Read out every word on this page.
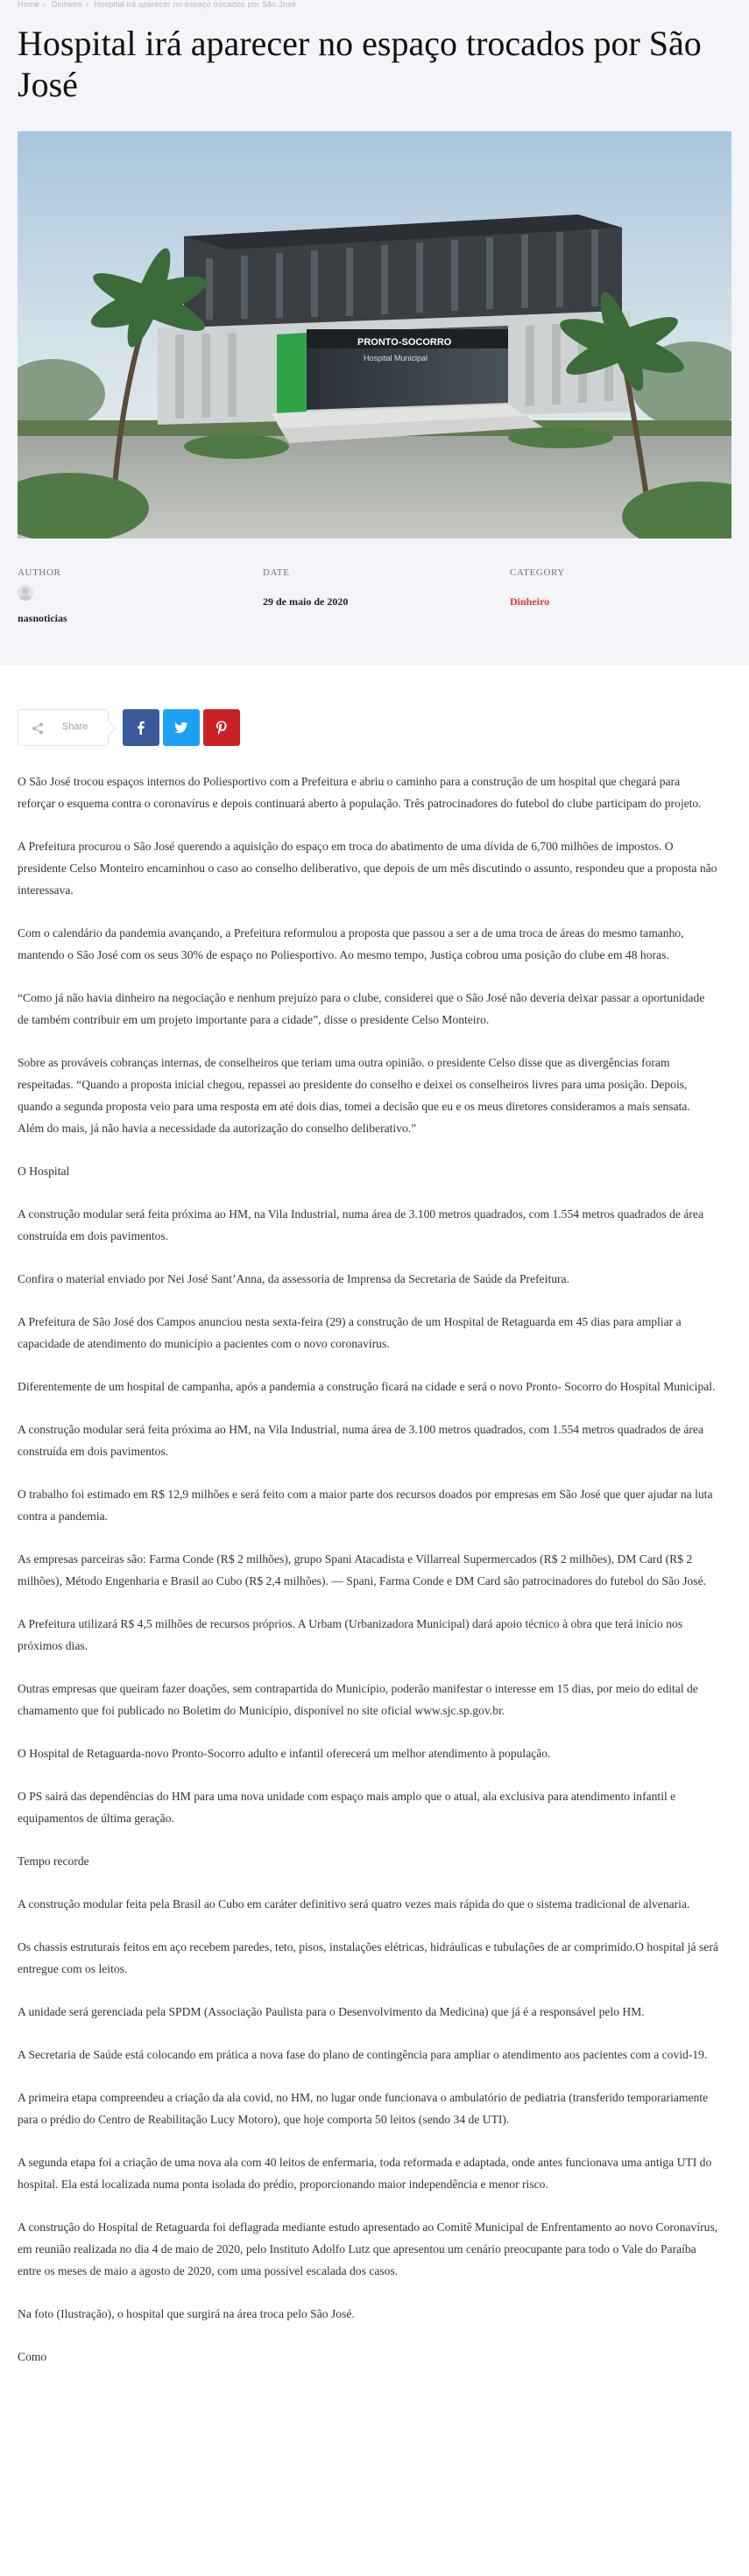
Home › Dinheiro › Hospital irá aparecer no espaço trocados por São José
Hospital irá aparecer no espaço trocados por São José
PRONTO-SOCORRO
Hospital Municipal
AUTHOR
nasnoticias
DATE
29 de maio de 2020
CATEGORY
Dinheiro
Share

O São José trocou espaços internos do Poliesportivo com a Prefeitura e abriu o caminho para a construção de um hospital que chegará para reforçar o esquema contra o coronavírus e depois continuará aberto à população. Três patrocinadores do futebol do clube participam do projeto.

A Prefeitura procurou o São José querendo a aquisição do espaço em troca do abatimento de uma dívida de 6,700 milhões de impostos. O presidente Celso Monteiro encaminhou o caso ao conselho deliberativo, que depois de um mês discutindo o assunto, respondeu que a proposta não interessava.

Com o calendário da pandemia avançando, a Prefeitura reformulou a proposta que passou a ser a de uma troca de áreas do mesmo tamanho, mantendo o São José com os seus 30% de espaço no Poliesportivo. Ao mesmo tempo, Justiça cobrou uma posição do clube em 48 horas.

“Como já não havia dinheiro na negociação e nenhum prejuízo para o clube, considerei que o São José não deveria deixar passar a oportunidade de também contribuir em um projeto importante para a cidade”, disse o presidente Celso Monteiro.

Sobre as prováveis cobranças internas, de conselheiros que teriam uma outra opinião. o presidente Celso disse que as divergências foram respeitadas. “Quando a proposta inicial chegou, repassei ao presidente do conselho e deixei os conselheiros livres para uma posição. Depois, quando a segunda proposta veio para uma resposta em até dois dias, tomei a decisão que eu e os meus diretores consideramos a mais sensata. Além do mais, já não havia a necessidade da autorização do conselho deliberativo.”

O Hospital

A construção modular será feita próxima ao HM, na Vila Industrial, numa área de 3.100 metros quadrados, com 1.554 metros quadrados de área construída em dois pavimentos.

Confira o material enviado por Nei José Sant’Anna, da assessoria de Imprensa da Secretaria de Saúde da Prefeitura.

A Prefeitura de São José dos Campos anunciou nesta sexta-feira (29) a construção de um Hospital de Retaguarda em 45 dias para ampliar a capacidade de atendimento do município a pacientes com o novo coronavírus.

Diferentemente de um hospital de campanha, após a pandemia a construção ficará na cidade e será o novo Pronto- Socorro do Hospital Municipal.

A construção modular será feita próxima ao HM, na Vila Industrial, numa área de 3.100 metros quadrados, com 1.554 metros quadrados de área construída em dois pavimentos.

O trabalho foi estimado em R$ 12,9 milhões e será feito com a maior parte dos recursos doados por empresas em São José que quer ajudar na luta contra a pandemia.

As empresas parceiras são: Farma Conde (R$ 2 milhões), grupo Spani Atacadista e Villarreal Supermercados (R$ 2 milhões), DM Card (R$ 2 milhões), Método Engenharia e Brasil ao Cubo (R$ 2,4 milhões). — Spani, Farma Conde e DM Card são patrocinadores do futebol do São José.

A Prefeitura utilizará R$ 4,5 milhões de recursos próprios. A Urbam (Urbanizadora Municipal) dará apoio técnico à obra que terá início nos próximos dias.

Outras empresas que queiram fazer doações, sem contrapartida do Município, poderão manifestar o interesse em 15 dias, por meio do edital de chamamento que foi publicado no Boletim do Município, disponível no site oficial www.sjc.sp.gov.br.

O Hospital de Retaguarda-novo Pronto-Socorro adulto e infantil oferecerá um melhor atendimento à população.

O PS sairá das dependências do HM para uma nova unidade com espaço mais amplo que o atual, ala exclusiva para atendimento infantil e equipamentos de última geração.

Tempo recorde

A construção modular feita pela Brasil ao Cubo em caráter definitivo será quatro vezes mais rápida do que o sistema tradicional de alvenaria.

Os chassis estruturais feitos em aço recebem paredes, teto, pisos, instalações elétricas, hidráulicas e tubulações de ar comprimido.O hospital já será entregue com os leitos.

A unidade será gerenciada pela SPDM (Associação Paulista para o Desenvolvimento da Medicina) que já é a responsável pelo HM.

A Secretaria de Saúde está colocando em prática a nova fase do plano de contingência para ampliar o atendimento aos pacientes com a covid-19.

A primeira etapa compreendeu a criação da ala covid, no HM, no lugar onde funcionava o ambulatório de pediatria (transferido temporariamente para o prédio do Centro de Reabilitação Lucy Motoro), que hoje comporta 50 leitos (sendo 34 de UTI).

A segunda etapa foi a criação de uma nova ala com 40 leitos de enfermaria, toda reformada e adaptada, onde antes funcionava uma antiga UTI do hospital. Ela está localizada numa ponta isolada do prédio, proporcionando maior independência e menor risco.

A construção do Hospital de Retaguarda foi deflagrada mediante estudo apresentado ao Comitê Municipal de Enfrentamento ao novo Coronavírus, em reunião realizada no dia 4 de maio de 2020, pelo Instituto Adolfo Lutz que apresentou um cenário preocupante para todo o Vale do Paraíba entre os meses de maio a agosto de 2020, com uma possível escalada dos casos.

Na foto (Ilustração), o hospital que surgirá na área troca pelo São José.

Como
